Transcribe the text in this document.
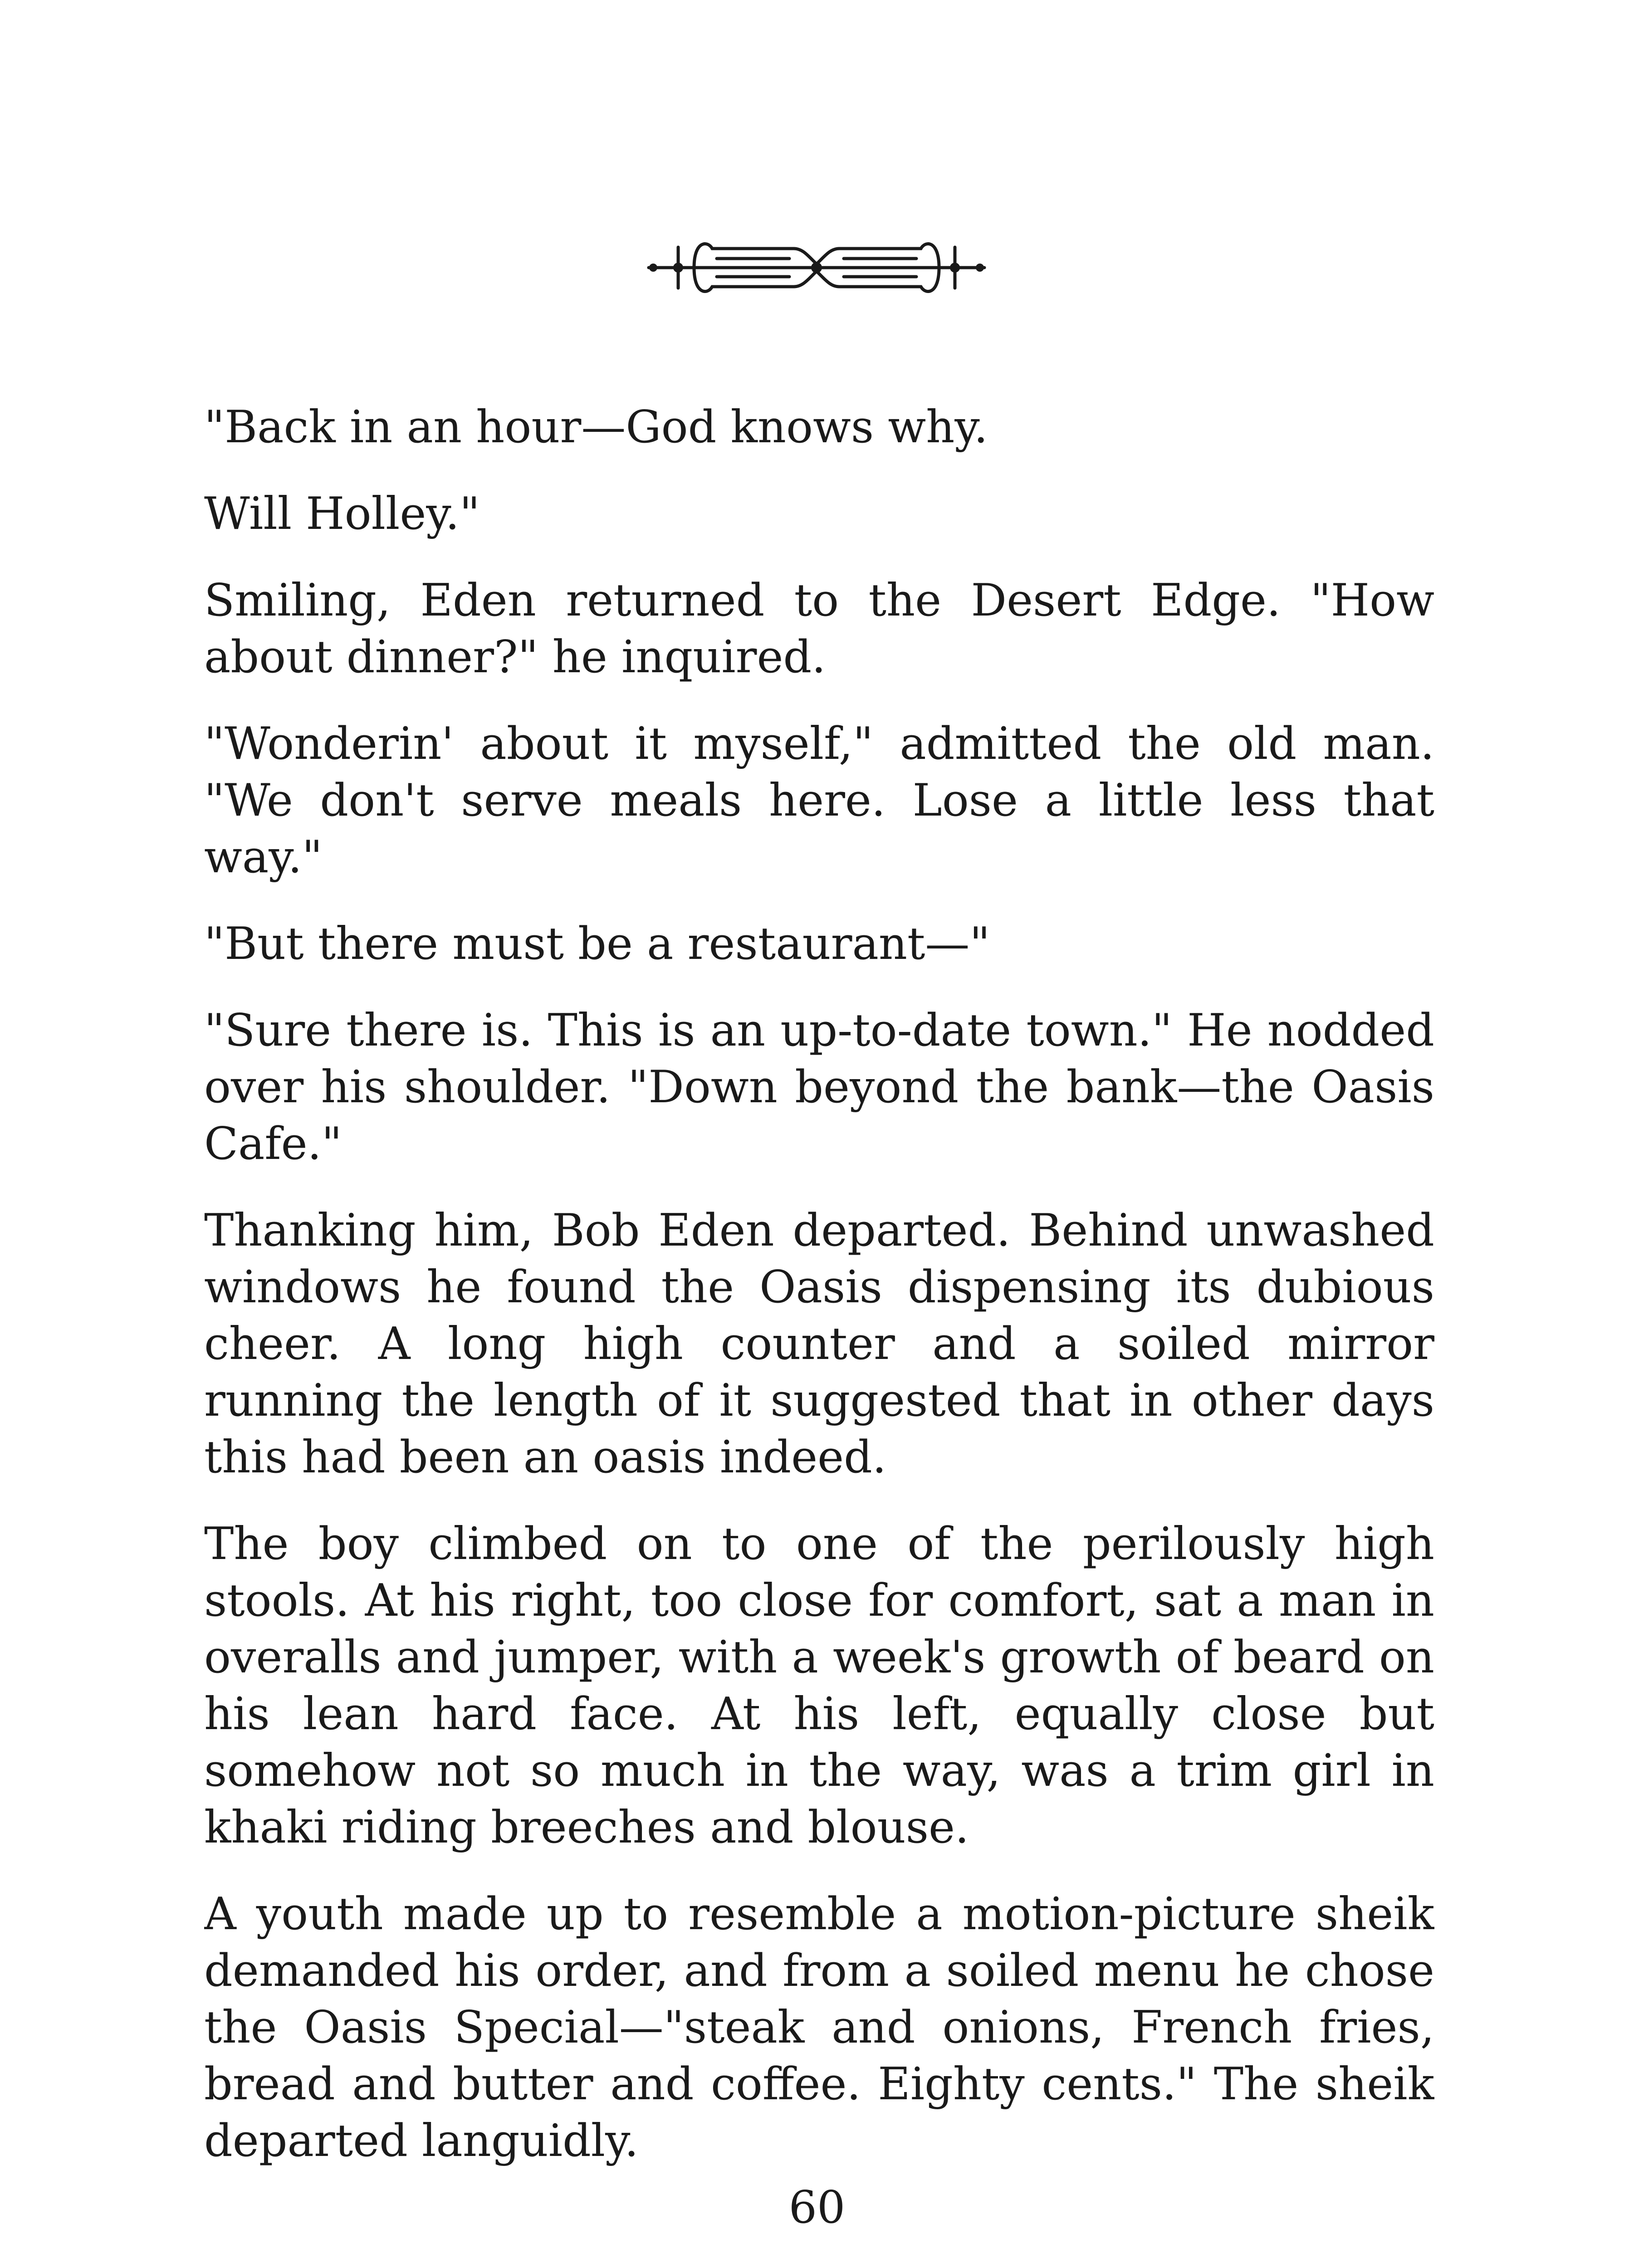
"Back in an hour—God knows why.

Will Holley."

Smiling, Eden returned to the Desert Edge. "How about dinner?" he inquired.

"Wonderin' about it myself," admitted the old man. "We don't serve meals here. Lose a little less that way."

"But there must be a restaurant—"

"Sure there is. This is an up-to-date town." He nodded over his shoulder. "Down beyond the bank—the Oasis Cafe."

Thanking him, Bob Eden departed. Behind unwashed windows he found the Oasis dispensing its dubious cheer. A long high counter and a soiled mirror running the length of it suggested that in other days this had been an oasis indeed.

The boy climbed on to one of the perilously high stools. At his right, too close for comfort, sat a man in overalls and jumper, with a week's growth of beard on his lean hard face. At his left, equally close but somehow not so much in the way, was a trim girl in khaki riding breeches and blouse.

A youth made up to resemble a motion-picture sheik demanded his order, and from a soiled menu he chose the Oasis Special—"steak and onions, French fries, bread and butter and coffee. Eighty cents." The sheik departed languidly.

60
